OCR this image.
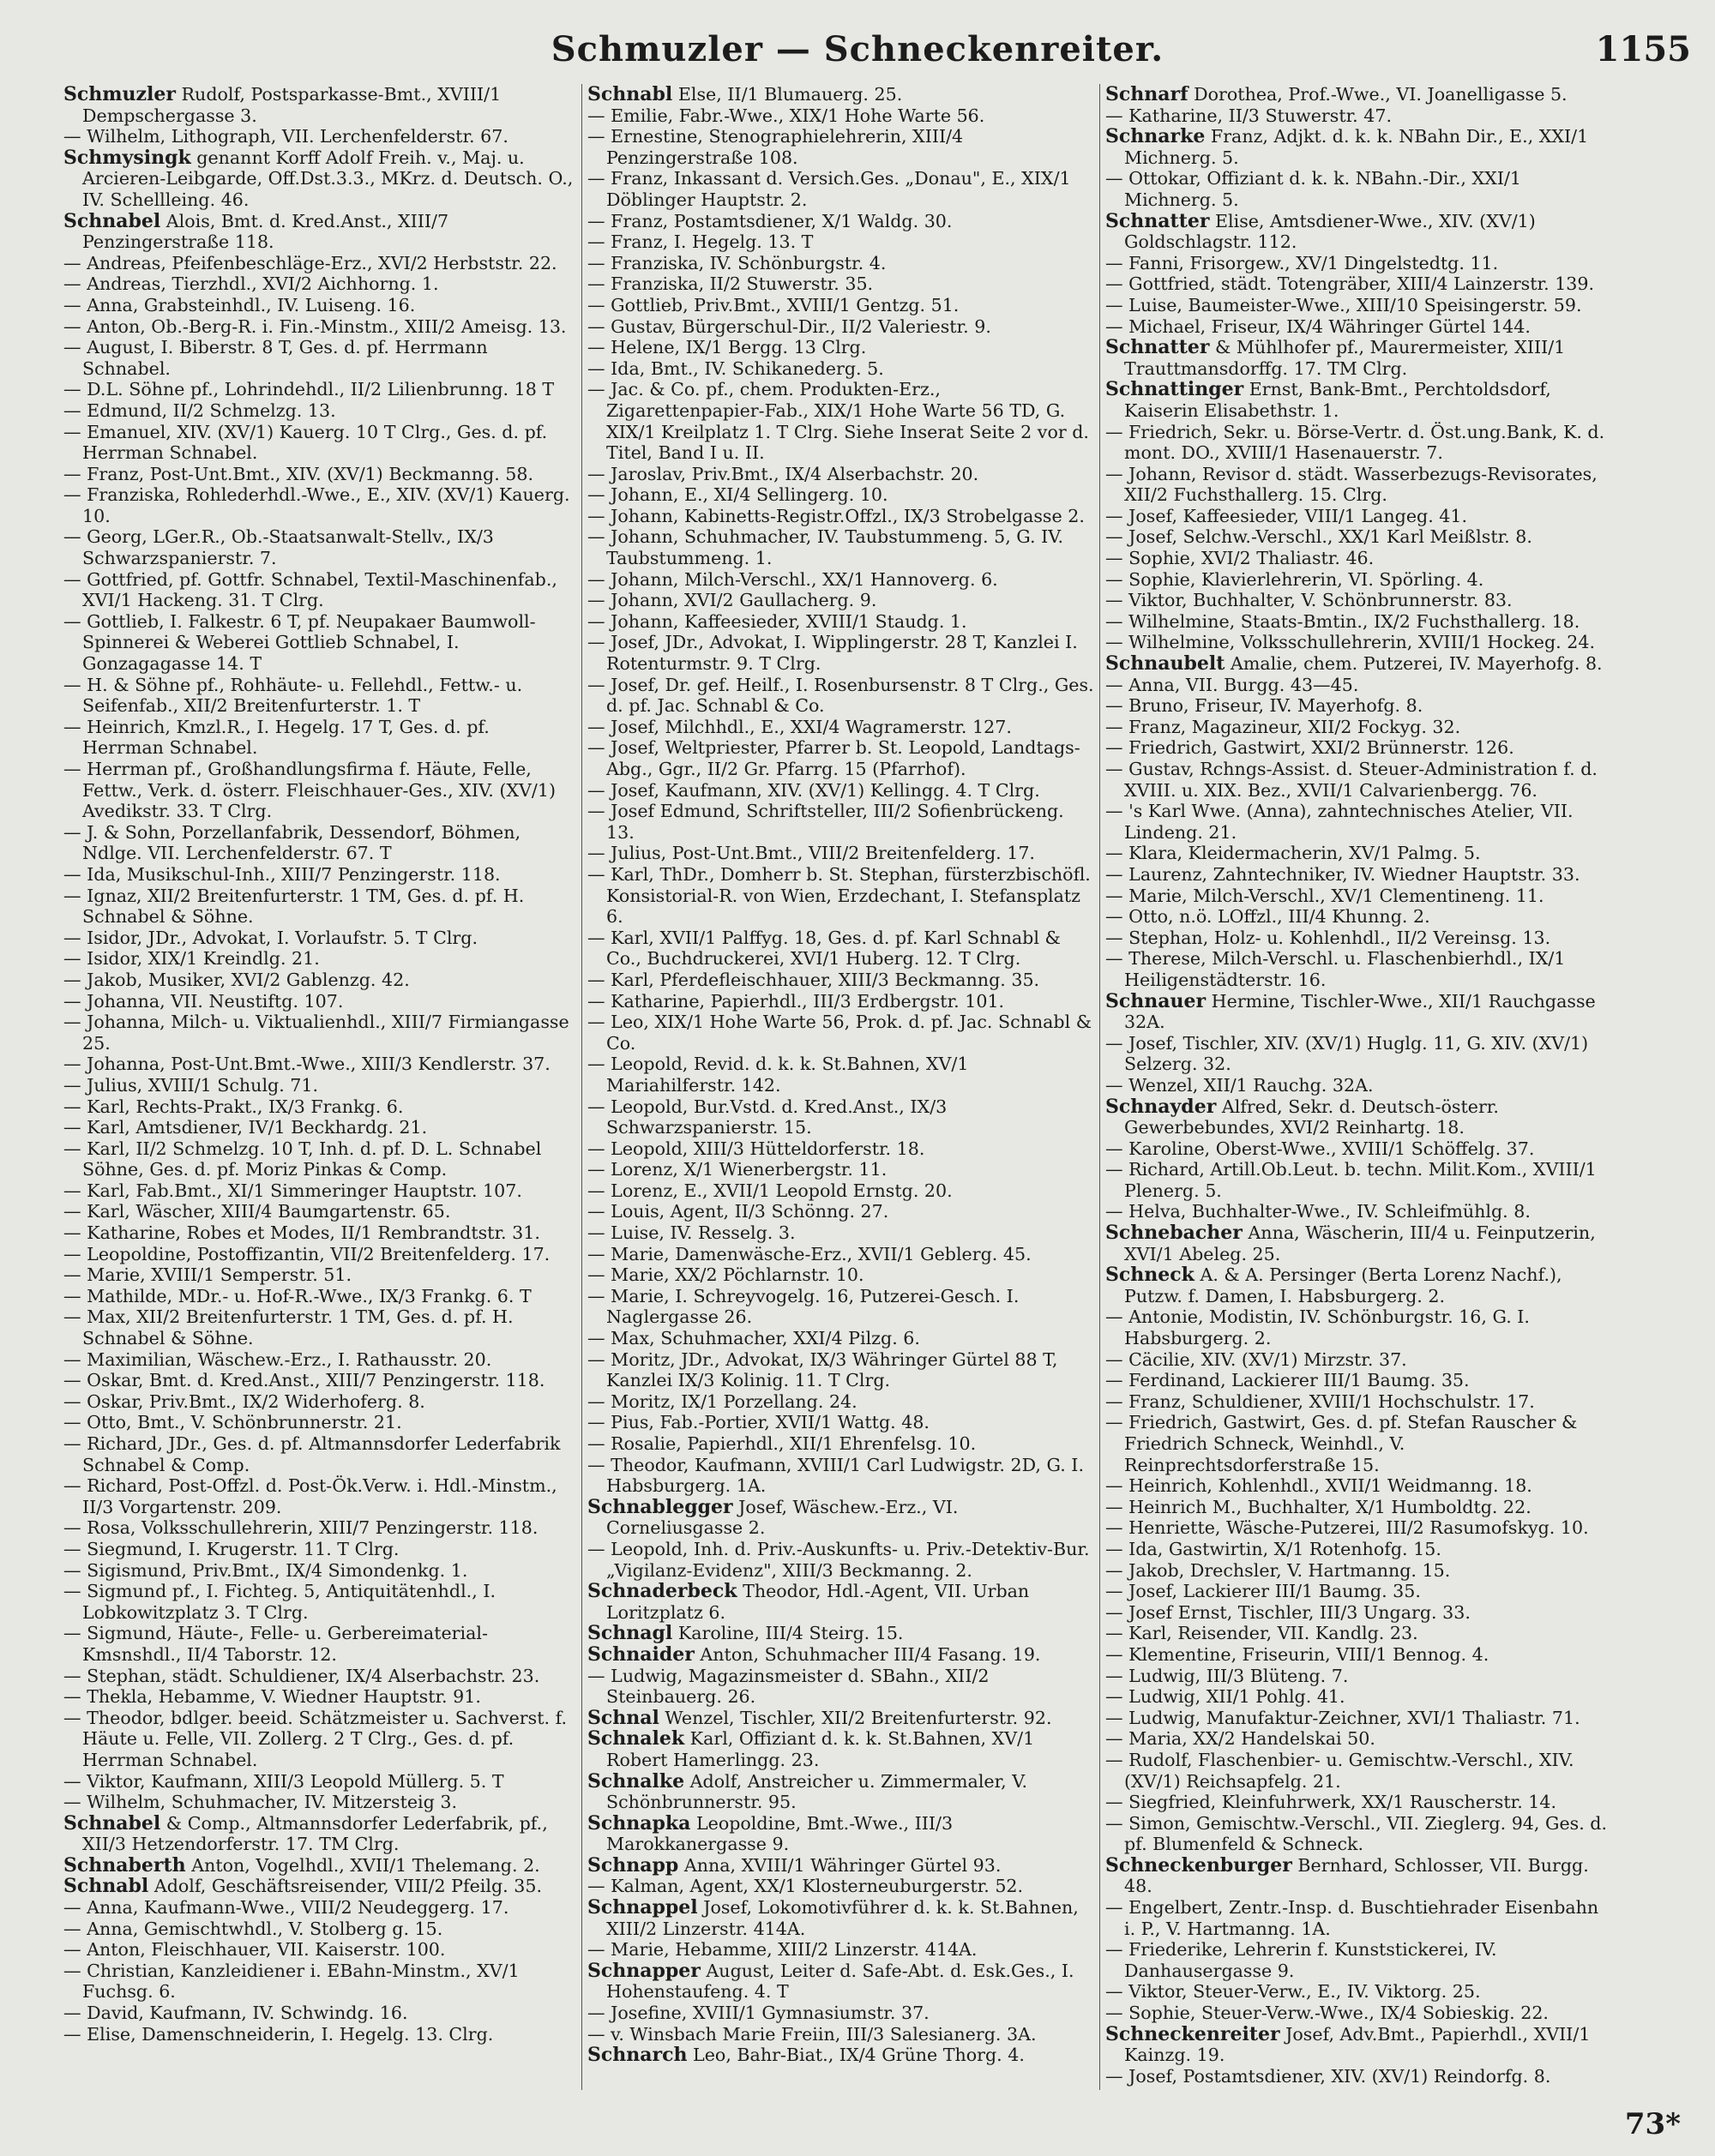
Schmuzler — Schneckenreiter.	1155

Schmuzler Rudolf, Postsparkasse-Bmt., XVIII/1 Dempschergasse 3.

— Wilhelm, Lithograph, VII. Lerchenfelderstr. 67.

Schmysingk genannt Korff Adolf Freih. v., Maj. u. Arcieren-Leibgarde, Off.Dst.3.3., MKrz. d. Deutsch. O., IV. Schellleing. 46.

Schnabel Alois, Bmt. d. Kred.Anst., XIII/7 Penzingerstraße 118.

— Andreas, Pfeifenbeschläge-Erz., XVI/2 Herbststr. 22.

— Andreas, Tierzhdl., XVI/2 Aichhorng. 1.

— Anna, Grabsteinhdl., IV. Luiseng. 16.

— Anton, Ob.-Berg-R. i. Fin.-Minstm., XIII/2 Ameisg. 13.

— August, I. Biberstr. 8 T, Ges. d. pf. Herrmann Schnabel.

— D.L. Söhne pf., Lohrindehdl., II/2 Lilienbrunng. 18 T

— Edmund, II/2 Schmelzg. 13.

— Emanuel, XIV. (XV/1) Kauerg. 10 T Clrg., Ges. d. pf. Herrman Schnabel.

— Franz, Post-Unt.Bmt., XIV. (XV/1) Beckmanng. 58.

— Franziska, Rohlederhdl.-Wwe., E., XIV. (XV/1) Kauerg. 10.

— Georg, LGer.R., Ob.-Staatsanwalt-Stellv., IX/3 Schwarzspanierstr. 7.

— Gottfried, pf. Gottfr. Schnabel, Textil-Maschinenfab., XVI/1 Hackeng. 31. T Clrg.

— Gottlieb, I. Falkestr. 6 T, pf. Neupakaer Baumwoll-Spinnerei & Weberei Gottlieb Schnabel, I. Gonzagagasse 14. T

— H. & Söhne pf., Rohhäute- u. Fellehdl., Fettw.- u. Seifenfab., XII/2 Breitenfurterstr. 1. T

— Heinrich, Kmzl.R., I. Hegelg. 17 T, Ges. d. pf. Herrman Schnabel.

— Herrman pf., Großhandlungsfirma f. Häute, Felle, Fettw., Verk. d. österr. Fleischhauer-Ges., XIV. (XV/1) Avedikstr. 33. T Clrg.

— J. & Sohn, Porzellanfabrik, Dessendorf, Böhmen, Ndlge. VII. Lerchenfelderstr. 67. T

— Ida, Musikschul-Inh., XIII/7 Penzingerstr. 118.

— Ignaz, XII/2 Breitenfurterstr. 1 TM, Ges. d. pf. H. Schnabel & Söhne.

— Isidor, JDr., Advokat, I. Vorlaufstr. 5. T Clrg.

— Isidor, XIX/1 Kreindlg. 21.

— Jakob, Musiker, XVI/2 Gablenzg. 42.

— Johanna, VII. Neustiftg. 107.

— Johanna, Milch- u. Viktualienhdl., XIII/7 Firmiangasse 25.

— Johanna, Post-Unt.Bmt.-Wwe., XIII/3 Kendlerstr. 37.

— Julius, XVIII/1 Schulg. 71.

— Karl, Rechts-Prakt., IX/3 Frankg. 6.

— Karl, Amtsdiener, IV/1 Beckhardg. 21.

— Karl, II/2 Schmelzg. 10 T, Inh. d. pf. D. L. Schnabel Söhne, Ges. d. pf. Moriz Pinkas & Comp.

— Karl, Fab.Bmt., XI/1 Simmeringer Hauptstr. 107.

— Karl, Wäscher, XIII/4 Baumgartenstr. 65.

— Katharine, Robes et Modes, II/1 Rembrandtstr. 31.

— Leopoldine, Postoffizantin, VII/2 Breitenfelderg. 17.

— Marie, XVIII/1 Semperstr. 51.

— Mathilde, MDr.- u. Hof-R.-Wwe., IX/3 Frankg. 6. T

— Max, XII/2 Breitenfurterstr. 1 TM, Ges. d. pf. H. Schnabel & Söhne.

— Maximilian, Wäschew.-Erz., I. Rathausstr. 20.

— Oskar, Bmt. d. Kred.Anst., XIII/7 Penzingerstr. 118.

— Oskar, Priv.Bmt., IX/2 Widerhoferg. 8.

— Otto, Bmt., V. Schönbrunnerstr. 21.

— Richard, JDr., Ges. d. pf. Altmannsdorfer Lederfabrik Schnabel & Comp.

— Richard, Post-Offzl. d. Post-Ök.Verw. i. Hdl.-Minstm., II/3 Vorgartenstr. 209.

— Rosa, Volksschullehrerin, XIII/7 Penzingerstr. 118.

— Siegmund, I. Krugerstr. 11. T Clrg.

— Sigismund, Priv.Bmt., IX/4 Simondenkg. 1.

— Sigmund pf., I. Fichteg. 5, Antiquitätenhdl., I. Lobkowitzplatz 3. T Clrg.

— Sigmund, Häute-, Felle- u. Gerbereimaterial-Kmsnshdl., II/4 Taborstr. 12.

— Stephan, städt. Schuldiener, IX/4 Alserbachstr. 23.

— Thekla, Hebamme, V. Wiedner Hauptstr. 91.

— Theodor, bdlger. beeid. Schätzmeister u. Sachverst. f. Häute u. Felle, VII. Zollerg. 2 T Clrg., Ges. d. pf. Herrman Schnabel.

— Viktor, Kaufmann, XIII/3 Leopold Müllerg. 5. T

— Wilhelm, Schuhmacher, IV. Mitzersteig 3.

Schnabel & Comp., Altmannsdorfer Lederfabrik, pf., XII/3 Hetzendorferstr. 17. TM Clrg.

Schnaberth Anton, Vogelhdl., XVII/1 Thelemang. 2.

Schnabl Adolf, Geschäftsreisender, VIII/2 Pfeilg. 35.

— Anna, Kaufmann-Wwe., VIII/2 Neudeggerg. 17.

— Anna, Gemischtwhdl., V. Stolberg g. 15.

— Anton, Fleischhauer, VII. Kaiserstr. 100.

— Christian, Kanzleidiener i. EBahn-Minstm., XV/1 Fuchsg. 6.

— David, Kaufmann, IV. Schwindg. 16.

— Elise, Damenschneiderin, I. Hegelg. 13. Clrg.

Schnabl Else, II/1 Blumauerg. 25.

— Emilie, Fabr.-Wwe., XIX/1 Hohe Warte 56.

— Ernestine, Stenographielehrerin, XIII/4 Penzingerstraße 108.

— Franz, Inkassant d. Versich.Ges. „Donau", E., XIX/1 Döblinger Hauptstr. 2.

— Franz, Postamtsdiener, X/1 Waldg. 30.

— Franz, I. Hegelg. 13. T

— Franziska, IV. Schönburgstr. 4.

— Franziska, II/2 Stuwerstr. 35.

— Gottlieb, Priv.Bmt., XVIII/1 Gentzg. 51.

— Gustav, Bürgerschul-Dir., II/2 Valeriestr. 9.

— Helene, IX/1 Bergg. 13 Clrg.

— Ida, Bmt., IV. Schikanederg. 5.

— Jac. & Co. pf., chem. Produkten-Erz., Zigarettenpapier-Fab., XIX/1 Hohe Warte 56 TD, G. XIX/1 Kreilplatz 1. T Clrg. Siehe Inserat Seite 2 vor d. Titel, Band I u. II.

— Jaroslav, Priv.Bmt., IX/4 Alserbachstr. 20.

— Johann, E., XI/4 Sellingerg. 10.

— Johann, Kabinetts-Registr.Offzl., IX/3 Strobelgasse 2.

— Johann, Schuhmacher, IV. Taubstummeng. 5, G. IV. Taubstummeng. 1.

— Johann, Milch-Verschl., XX/1 Hannoverg. 6.

— Johann, XVI/2 Gaullacherg. 9.

— Johann, Kaffeesieder, XVIII/1 Staudg. 1.

— Josef, JDr., Advokat, I. Wipplingerstr. 28 T, Kanzlei I. Rotenturmstr. 9. T Clrg.

— Josef, Dr. gef. Heilf., I. Rosenbursenstr. 8 T Clrg., Ges. d. pf. Jac. Schnabl & Co.

— Josef, Milchhdl., E., XXI/4 Wagramerstr. 127.

— Josef, Weltpriester, Pfarrer b. St. Leopold, Landtags-Abg., Ggr., II/2 Gr. Pfarrg. 15 (Pfarrhof).

— Josef, Kaufmann, XIV. (XV/1) Kellingg. 4. T Clrg.

— Josef Edmund, Schriftsteller, III/2 Sofienbrückeng. 13.

— Julius, Post-Unt.Bmt., VIII/2 Breitenfelderg. 17.

— Karl, ThDr., Domherr b. St. Stephan, fürsterzbischöfl. Konsistorial-R. von Wien, Erzdechant, I. Stefansplatz 6.

— Karl, XVII/1 Palffyg. 18, Ges. d. pf. Karl Schnabl & Co., Buchdruckerei, XVI/1 Huberg. 12. T Clrg.

— Karl, Pferdefleischhauer, XIII/3 Beckmanng. 35.

— Katharine, Papierhdl., III/3 Erdbergstr. 101.

— Leo, XIX/1 Hohe Warte 56, Prok. d. pf. Jac. Schnabl & Co.

— Leopold, Revid. d. k. k. St.Bahnen, XV/1 Mariahilferstr. 142.

— Leopold, Bur.Vstd. d. Kred.Anst., IX/3 Schwarzspanierstr. 15.

— Leopold, XIII/3 Hütteldorferstr. 18.

— Lorenz, X/1 Wienerbergstr. 11.

— Lorenz, E., XVII/1 Leopold Ernstg. 20.

— Louis, Agent, II/3 Schönng. 27.

— Luise, IV. Resselg. 3.

— Marie, Damenwäsche-Erz., XVII/1 Geblerg. 45.

— Marie, XX/2 Pöchlarnstr. 10.

— Marie, I. Schreyvogelg. 16, Putzerei-Gesch. I. Naglergasse 26.

— Max, Schuhmacher, XXI/4 Pilzg. 6.

— Moritz, JDr., Advokat, IX/3 Währinger Gürtel 88 T, Kanzlei IX/3 Kolinig. 11. T Clrg.

— Moritz, IX/1 Porzellang. 24.

— Pius, Fab.-Portier, XVII/1 Wattg. 48.

— Rosalie, Papierhdl., XII/1 Ehrenfelsg. 10.

— Theodor, Kaufmann, XVIII/1 Carl Ludwigstr. 2D, G. I. Habsburgerg. 1A.

Schnablegger Josef, Wäschew.-Erz., VI. Corneliusgasse 2.

— Leopold, Inh. d. Priv.-Auskunfts- u. Priv.-Detektiv-Bur. „Vigilanz-Evidenz", XIII/3 Beckmanng. 2.

Schnaderbeck Theodor, Hdl.-Agent, VII. Urban Loritzplatz 6.

Schnagl Karoline, III/4 Steirg. 15.

Schnaider Anton, Schuhmacher III/4 Fasang. 19.

— Ludwig, Magazinsmeister d. SBahn., XII/2 Steinbauerg. 26.

Schnal Wenzel, Tischler, XII/2 Breitenfurterstr. 92.

Schnalek Karl, Offiziant d. k. k. St.Bahnen, XV/1 Robert Hamerlingg. 23.

Schnalke Adolf, Anstreicher u. Zimmermaler, V. Schönbrunnerstr. 95.

Schnapka Leopoldine, Bmt.-Wwe., III/3 Marokkanergasse 9.

Schnapp Anna, XVIII/1 Währinger Gürtel 93.

— Kalman, Agent, XX/1 Klosterneuburgerstr. 52.

Schnappel Josef, Lokomotivführer d. k. k. St.Bahnen, XIII/2 Linzerstr. 414A.

— Marie, Hebamme, XIII/2 Linzerstr. 414A.

Schnapper August, Leiter d. Safe-Abt. d. Esk.Ges., I. Hohenstaufeng. 4. T

— Josefine, XVIII/1 Gymnasiumstr. 37.

— v. Winsbach Marie Freiin, III/3 Salesianerg. 3A.

Schnarch Leo, Bahr-Biat., IX/4 Grüne Thorg. 4.

Schnarf Dorothea, Prof.-Wwe., VI. Joanelligasse 5.

— Katharine, II/3 Stuwerstr. 47.

Schnarke Franz, Adjkt. d. k. k. NBahn Dir., E., XXI/1 Michnerg. 5.

— Ottokar, Offiziant d. k. k. NBahn.-Dir., XXI/1 Michnerg. 5.

Schnatter Elise, Amtsdiener-Wwe., XIV. (XV/1) Goldschlagstr. 112.

— Fanni, Frisorgew., XV/1 Dingelstedtg. 11.

— Gottfried, städt. Totengräber, XIII/4 Lainzerstr. 139.

— Luise, Baumeister-Wwe., XIII/10 Speisingerstr. 59.

— Michael, Friseur, IX/4 Währinger Gürtel 144.

Schnatter & Mühlhofer pf., Maurermeister, XIII/1 Trauttmansdorffg. 17. TM Clrg.

Schnattinger Ernst, Bank-Bmt., Perchtoldsdorf, Kaiserin Elisabethstr. 1.

— Friedrich, Sekr. u. Börse-Vertr. d. Öst.ung.Bank, K. d. mont. DO., XVIII/1 Hasenauerstr. 7.

— Johann, Revisor d. städt. Wasserbezugs-Revisorates, XII/2 Fuchsthallerg. 15. Clrg.

— Josef, Kaffeesieder, VIII/1 Langeg. 41.

— Josef, Selchw.-Verschl., XX/1 Karl Meißlstr. 8.

— Sophie, XVI/2 Thaliastr. 46.

— Sophie, Klavierlehrerin, VI. Spörling. 4.

— Viktor, Buchhalter, V. Schönbrunnerstr. 83.

— Wilhelmine, Staats-Bmtin., IX/2 Fuchsthallerg. 18.

— Wilhelmine, Volksschullehrerin, XVIII/1 Hockeg. 24.

Schnaubelt Amalie, chem. Putzerei, IV. Mayerhofg. 8.

— Anna, VII. Burgg. 43—45.

— Bruno, Friseur, IV. Mayerhofg. 8.

— Franz, Magazineur, XII/2 Fockyg. 32.

— Friedrich, Gastwirt, XXI/2 Brünnerstr. 126.

— Gustav, Rchngs-Assist. d. Steuer-Administration f. d. XVIII. u. XIX. Bez., XVII/1 Calvarienbergg. 76.

— 's Karl Wwe. (Anna), zahntechnisches Atelier, VII. Lindeng. 21.

— Klara, Kleidermacherin, XV/1 Palmg. 5.

— Laurenz, Zahntechniker, IV. Wiedner Hauptstr. 33.

— Marie, Milch-Verschl., XV/1 Clementineng. 11.

— Otto, n.ö. LOffzl., III/4 Khunng. 2.

— Stephan, Holz- u. Kohlenhdl., II/2 Vereinsg. 13.

— Therese, Milch-Verschl. u. Flaschenbierhdl., IX/1 Heiligenstädterstr. 16.

Schnauer Hermine, Tischler-Wwe., XII/1 Rauchgasse 32A.

— Josef, Tischler, XIV. (XV/1) Huglg. 11, G. XIV. (XV/1) Selzerg. 32.

— Wenzel, XII/1 Rauchg. 32A.

Schnayder Alfred, Sekr. d. Deutsch-österr. Gewerbebundes, XVI/2 Reinhartg. 18.

— Karoline, Oberst-Wwe., XVIII/1 Schöffelg. 37.

— Richard, Artill.Ob.Leut. b. techn. Milit.Kom., XVIII/1 Plenerg. 5.

— Helva, Buchhalter-Wwe., IV. Schleifmühlg. 8.

Schnebacher Anna, Wäscherin, III/4 u. Feinputzerin, XVI/1 Abeleg. 25.

Schneck A. & A. Persinger (Berta Lorenz Nachf.), Putzw. f. Damen, I. Habsburgerg. 2.

— Antonie, Modistin, IV. Schönburgstr. 16, G. I. Habsburgerg. 2.

— Cäcilie, XIV. (XV/1) Mirzstr. 37.

— Ferdinand, Lackierer III/1 Baumg. 35.

— Franz, Schuldiener, XVIII/1 Hochschulstr. 17.

— Friedrich, Gastwirt, Ges. d. pf. Stefan Rauscher & Friedrich Schneck, Weinhdl., V. Reinprechtsdorferstraße 15.

— Heinrich, Kohlenhdl., XVII/1 Weidmanng. 18.

— Heinrich M., Buchhalter, X/1 Humboldtg. 22.

— Henriette, Wäsche-Putzerei, III/2 Rasumofskyg. 10.

— Ida, Gastwirtin, X/1 Rotenhofg. 15.

— Jakob, Drechsler, V. Hartmanng. 15.

— Josef, Lackierer III/1 Baumg. 35.

— Josef Ernst, Tischler, III/3 Ungarg. 33.

— Karl, Reisender, VII. Kandlg. 23.

— Klementine, Friseurin, VIII/1 Bennog. 4.

— Ludwig, III/3 Blüteng. 7.

— Ludwig, XII/1 Pohlg. 41.

— Ludwig, Manufaktur-Zeichner, XVI/1 Thaliastr. 71.

— Maria, XX/2 Handelskai 50.

— Rudolf, Flaschenbier- u. Gemischtw.-Verschl., XIV. (XV/1) Reichsapfelg. 21.

— Siegfried, Kleinfuhrwerk, XX/1 Rauscherstr. 14.

— Simon, Gemischtw.-Verschl., VII. Zieglerg. 94, Ges. d. pf. Blumenfeld & Schneck.

Schneckenburger Bernhard, Schlosser, VII. Burgg. 48.

— Engelbert, Zentr.-Insp. d. Buschtiehrader Eisenbahn i. P., V. Hartmanng. 1A.

— Friederike, Lehrerin f. Kunststickerei, IV. Danhausergasse 9.

— Viktor, Steuer-Verw., E., IV. Viktorg. 25.

— Sophie, Steuer-Verw.-Wwe., IX/4 Sobieskig. 22.

Schneckenreiter Josef, Adv.Bmt., Papierhdl., XVII/1 Kainzg. 19.

— Josef, Postamtsdiener, XIV. (XV/1) Reindorfg. 8.

73*
